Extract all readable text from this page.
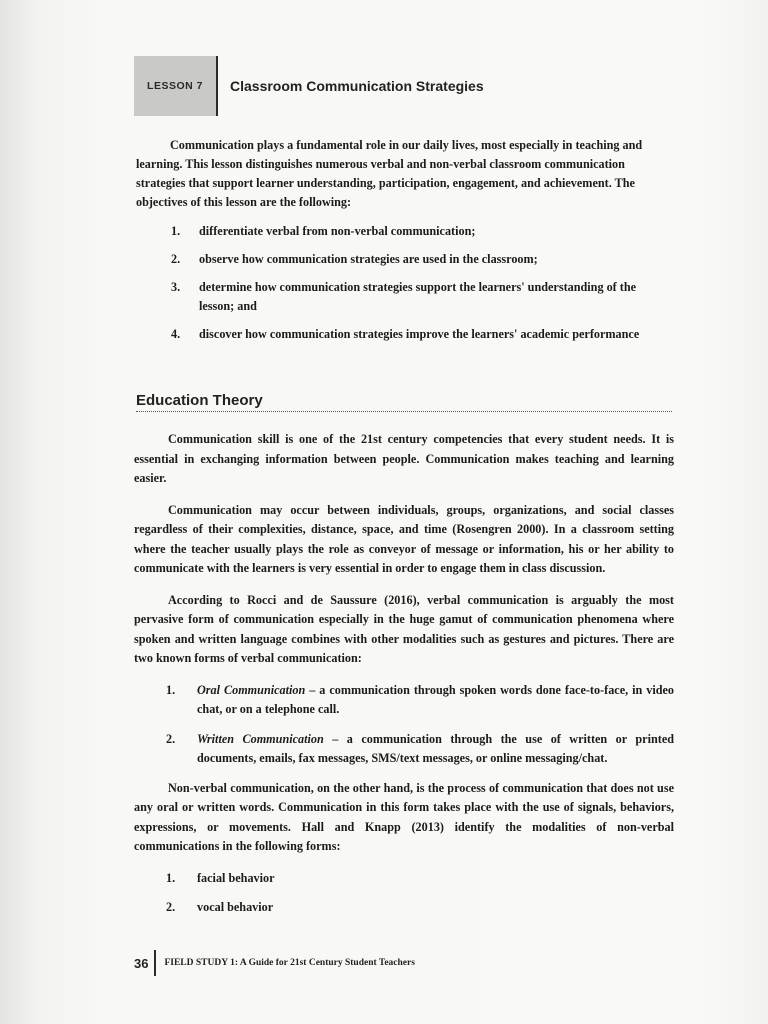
LESSON 7	Classroom Communication Strategies

Communication plays a fundamental role in our daily lives, most especially in teaching and learning. This lesson distinguishes numerous verbal and non-verbal classroom communication strategies that support learner understanding, participation, engagement, and achievement. The objectives of this lesson are the following:

1. differentiate verbal from non-verbal communication;
2. observe how communication strategies are used in the classroom;
3. determine how communication strategies support the learners' understanding of the lesson; and
4. discover how communication strategies improve the learners' academic performance
Education Theory

Communication skill is one of the 21st century competencies that every student needs. It is essential in exchanging information between people. Communication makes teaching and learning easier.

Communication may occur between individuals, groups, organizations, and social classes regardless of their complexities, distance, space, and time (Rosengren 2000). In a classroom setting where the teacher usually plays the role as conveyor of message or information, his or her ability to communicate with the learners is very essential in order to engage them in class discussion.

According to Rocci and de Saussure (2016), verbal communication is arguably the most pervasive form of communication especially in the huge gamut of communication phenomena where spoken and written language combines with other modalities such as gestures and pictures. There are two known forms of verbal communication:

1. Oral Communication – a communication through spoken words done face-to-face, in video chat, or on a telephone call.
2. Written Communication – a communication through the use of written or printed documents, emails, fax messages, SMS/text messages, or online messaging/chat.

Non-verbal communication, on the other hand, is the process of communication that does not use any oral or written words. Communication in this form takes place with the use of signals, behaviors, expressions, or movements. Hall and Knapp (2013) identify the modalities of non-verbal communications in the following forms:

1. facial behavior
2. vocal behavior
36	FIELD STUDY 1: A Guide for 21st Century Student Teachers
